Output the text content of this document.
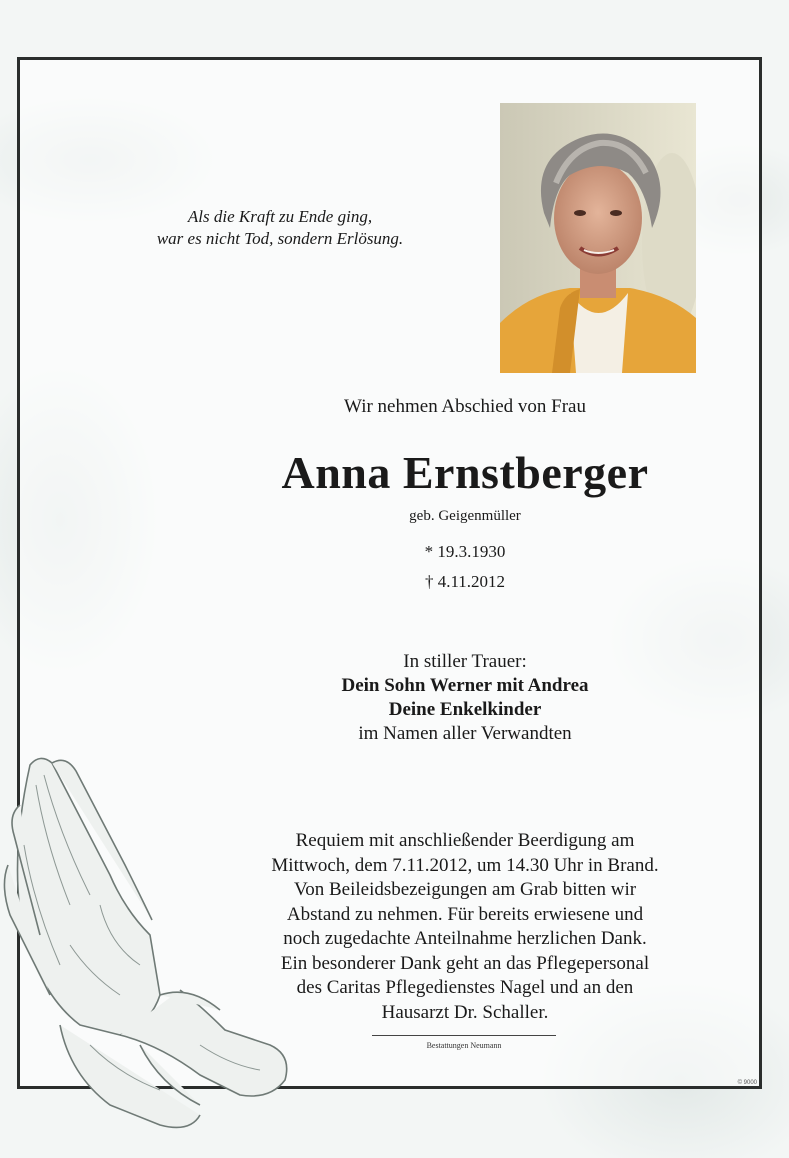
Als die Kraft zu Ende ging,
war es nicht Tod, sondern Erlösung.
Wir nehmen Abschied von Frau
Anna Ernstberger
geb. Geigenmüller
* 19.3.1930
† 4.11.2012
In stiller Trauer:
Dein Sohn Werner mit Andrea
Deine Enkelkinder
im Namen aller Verwandten
Requiem mit anschließender Beerdigung am
Mittwoch, dem 7.11.2012, um 14.30 Uhr in Brand.
Von Beileidsbezeigungen am Grab bitten wir
Abstand zu nehmen. Für bereits erwiesene und
noch zugedachte Anteilnahme herzlichen Dank.
Ein besonderer Dank geht an das Pflegepersonal
des Caritas Pflegedienstes Nagel und an den
Hausarzt Dr. Schaller.
Bestattungen Neumann
© 9000
